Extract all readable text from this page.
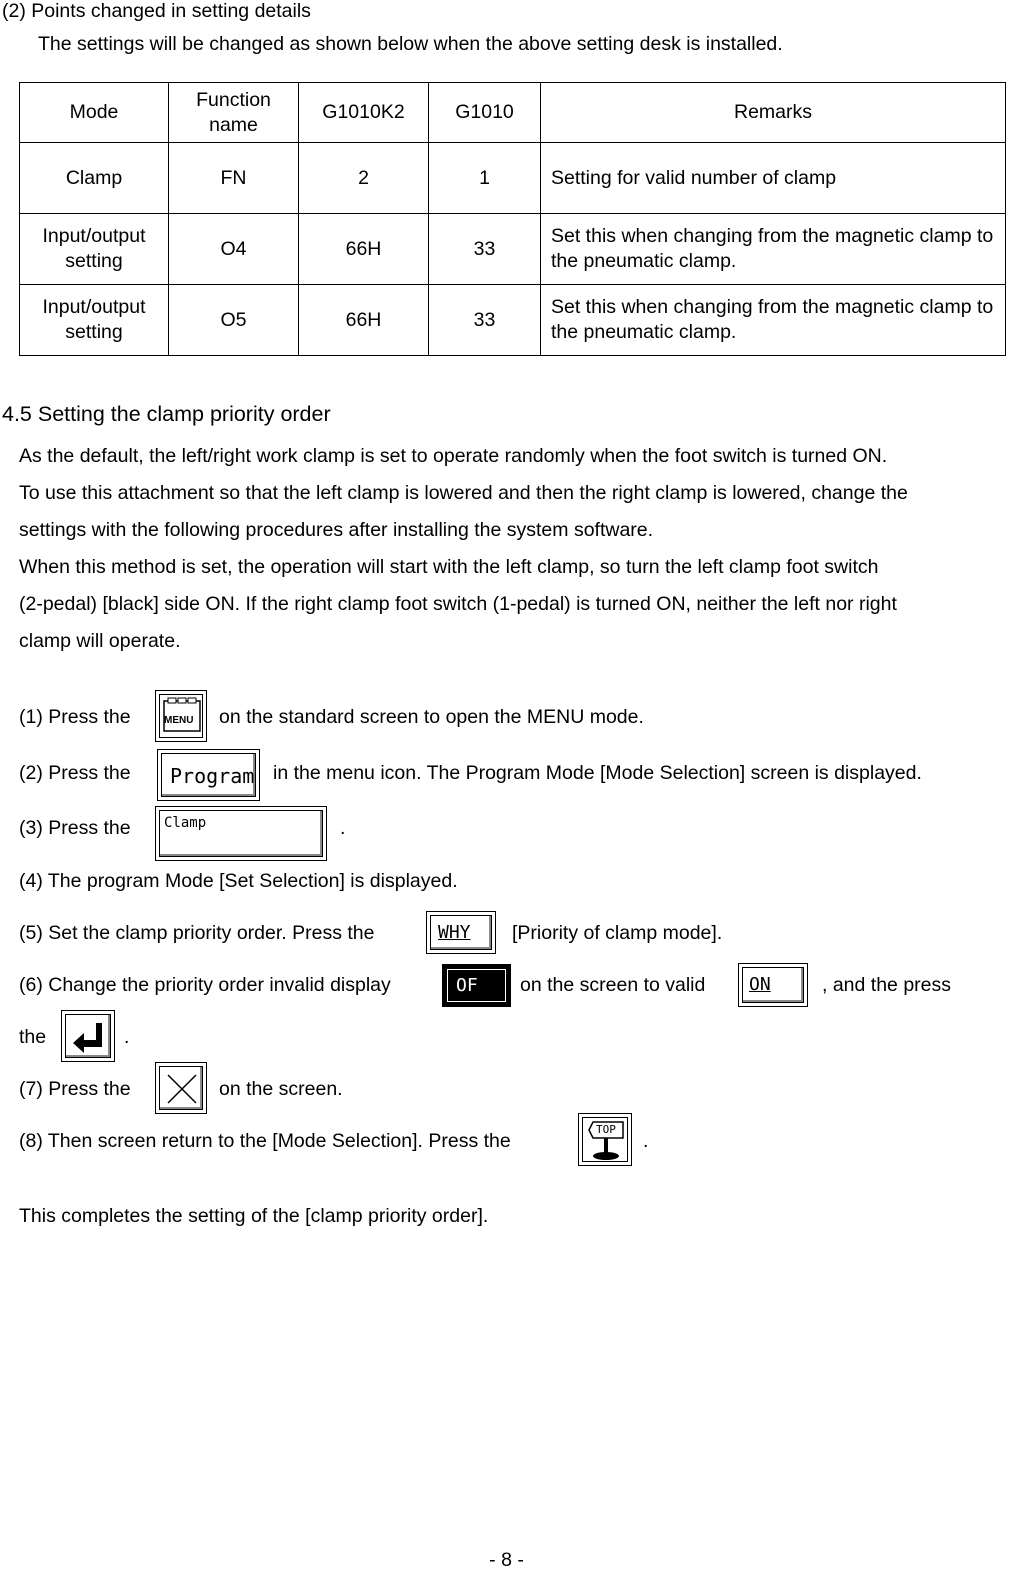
(2) Points changed in setting details
The settings will be changed as shown below when the above setting desk is installed.
Mode	Function name	G1010K2	G1010	Remarks
Clamp	FN	2	1	Setting for valid number of clamp
Input/output setting	O4	66H	33	Set this when changing from the magnetic clamp to the pneumatic clamp.
Input/output setting	O5	66H	33	Set this when changing from the magnetic clamp to the pneumatic clamp.
4.5 Setting the clamp priority order
As the default, the left/right work clamp is set to operate randomly when the foot switch is turned ON.
To use this attachment so that the left clamp is lowered and then the right clamp is lowered, change the
settings with the following procedures after installing the system software.
When this method is set, the operation will start with the left clamp, so turn the left clamp foot switch
(2-pedal) [black] side ON. If the right clamp foot switch (1-pedal) is turned ON, neither the left nor right
clamp will operate.
(1) Press the	MENU on the standard screen to open the MENU mode.
(2) Press the Program in the menu icon. The Program Mode [Mode Selection] screen is displayed.
(3) Press the Clamp	.
(4) The program Mode [Set Selection] is displayed.
(5) Set the clamp priority order. Press the	WHY [Priority of clamp mode].
(6) Change the priority order invalid display	OF on the screen to valid ON	, and the press
the	.
(7) Press the	on the screen.
(8) Then screen return to the [Mode Selection]. Press the
TOP
.
This completes the setting of the [clamp priority order].
- 8 -
